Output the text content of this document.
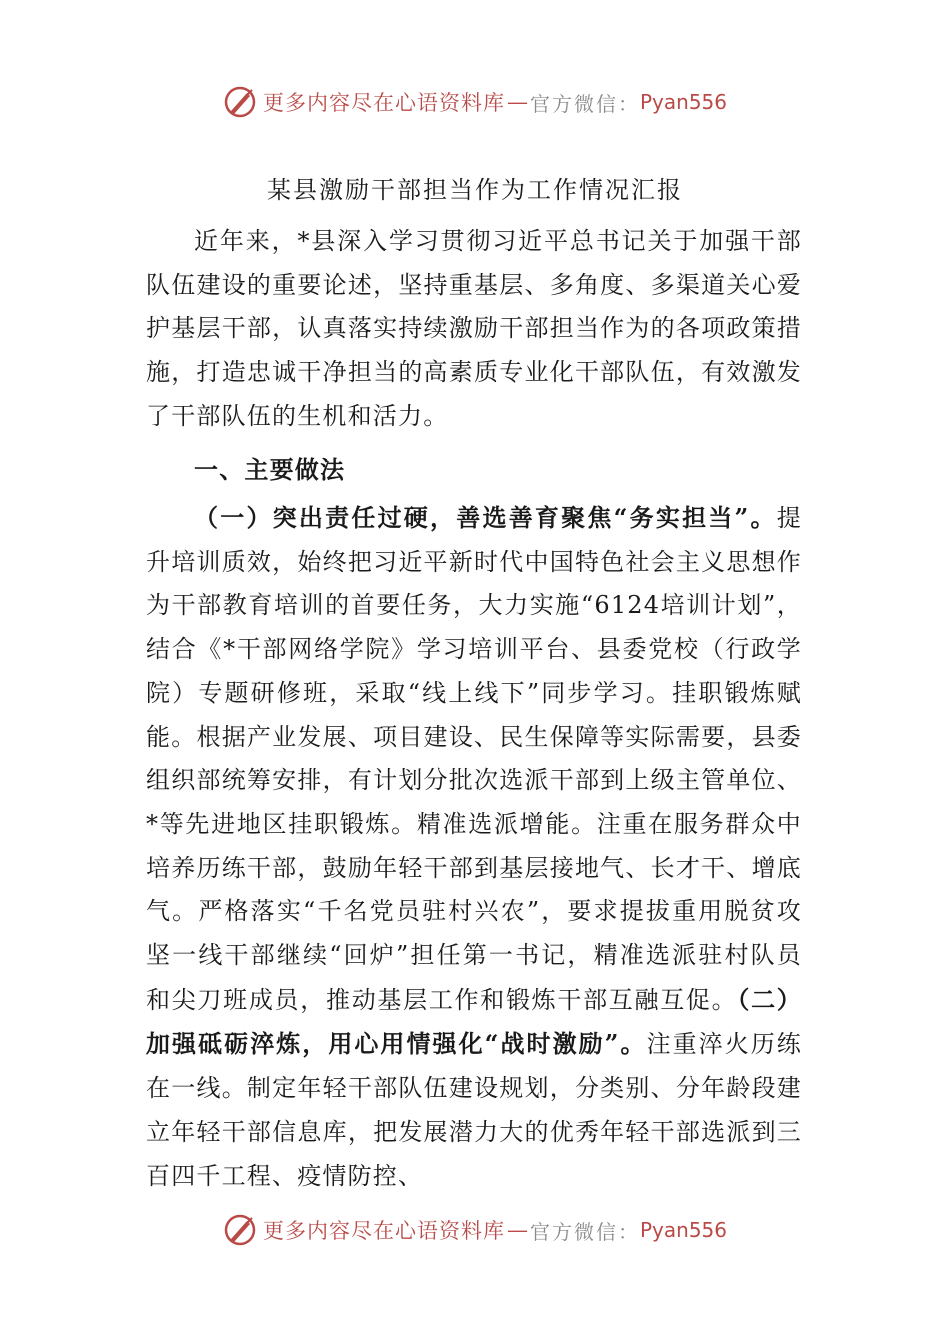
更多内容尽在心语资料库 — 官方微信： Pyan556
某县激励干部担当作为工作情况汇报

近年来，*县深入学习贯彻习近平总书记关于加强干部队伍建设的重要论述，坚持重基层、多角度、多渠道关心爱护基层干部，认真落实持续激励干部担当作为的各项政策措施，打造忠诚干净担当的高素质专业化干部队伍，有效激发了干部队伍的生机和活力。

一、主要做法

（一）突出责任过硬，善选善育聚焦“务实担当”。提升培训质效，始终把习近平新时代中国特色社会主义思想作为干部教育培训的首要任务，大力实施“6124培训计划”，结合《*干部网络学院》学习培训平台、县委党校（行政学院）专题研修班，采取“线上线下”同步学习。挂职锻炼赋能。根据产业发展、项目建设、民生保障等实际需要，县委组织部统筹安排，有计划分批次选派干部到上级主管单位、*等先进地区挂职锻炼。精准选派增能。注重在服务群众中培养历练干部，鼓励年轻干部到基层接地气、长才干、增底气。严格落实“千名党员驻村兴农”，要求提拔重用脱贫攻坚一线干部继续“回炉”担任第一书记，精准选派驻村队员和尖刀班成员，推动基层工作和锻炼干部互融互促。（二）加强砥砺淬炼，用心用情强化“战时激励”。注重淬火历练在一线。制定年轻干部队伍建设规划，分类别、分年龄段建立年轻干部信息库，把发展潜力大的优秀年轻干部选派到三百四千工程、疫情防控、

更多内容尽在心语资料库 — 官方微信： Pyan556
